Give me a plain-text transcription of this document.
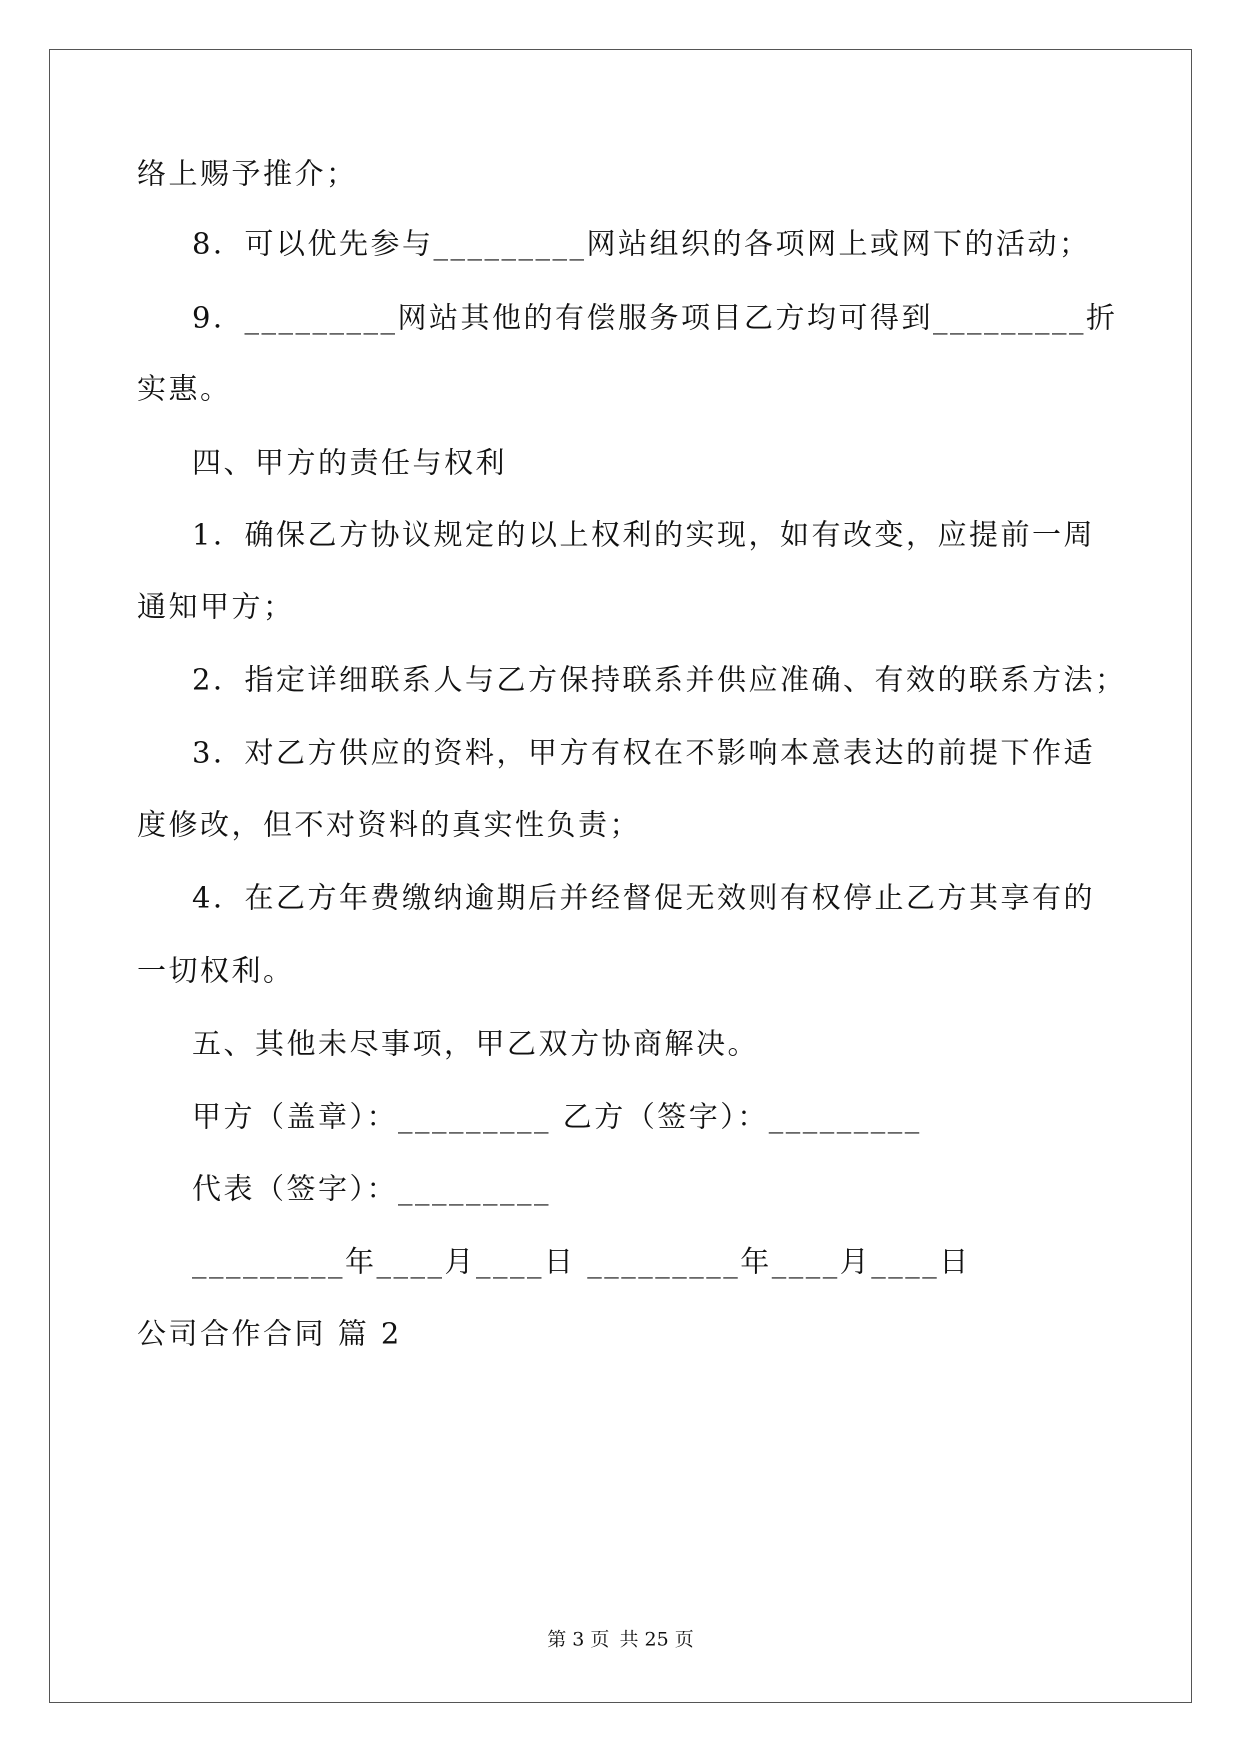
络上赐予推介；
8．可以优先参与_________网站组织的各项网上或网下的活动；
9．_________网站其他的有偿服务项目乙方均可得到_________折
实惠。
四、甲方的责任与权利
1．确保乙方协议规定的以上权利的实现，如有改变，应提前一周
通知甲方；
2．指定详细联系人与乙方保持联系并供应准确、有效的联系方法；
3．对乙方供应的资料，甲方有权在不影响本意表达的前提下作适
度修改，但不对资料的真实性负责；
4．在乙方年费缴纳逾期后并经督促无效则有权停止乙方其享有的
一切权利。
五、其他未尽事项，甲乙双方协商解决。
甲方（盖章）：_________ 乙方（签字）：_________
代表（签字）：_________
_________年____月____日 _________年____月____日
公司合作合同 篇 2
第 3 页 共 25 页
